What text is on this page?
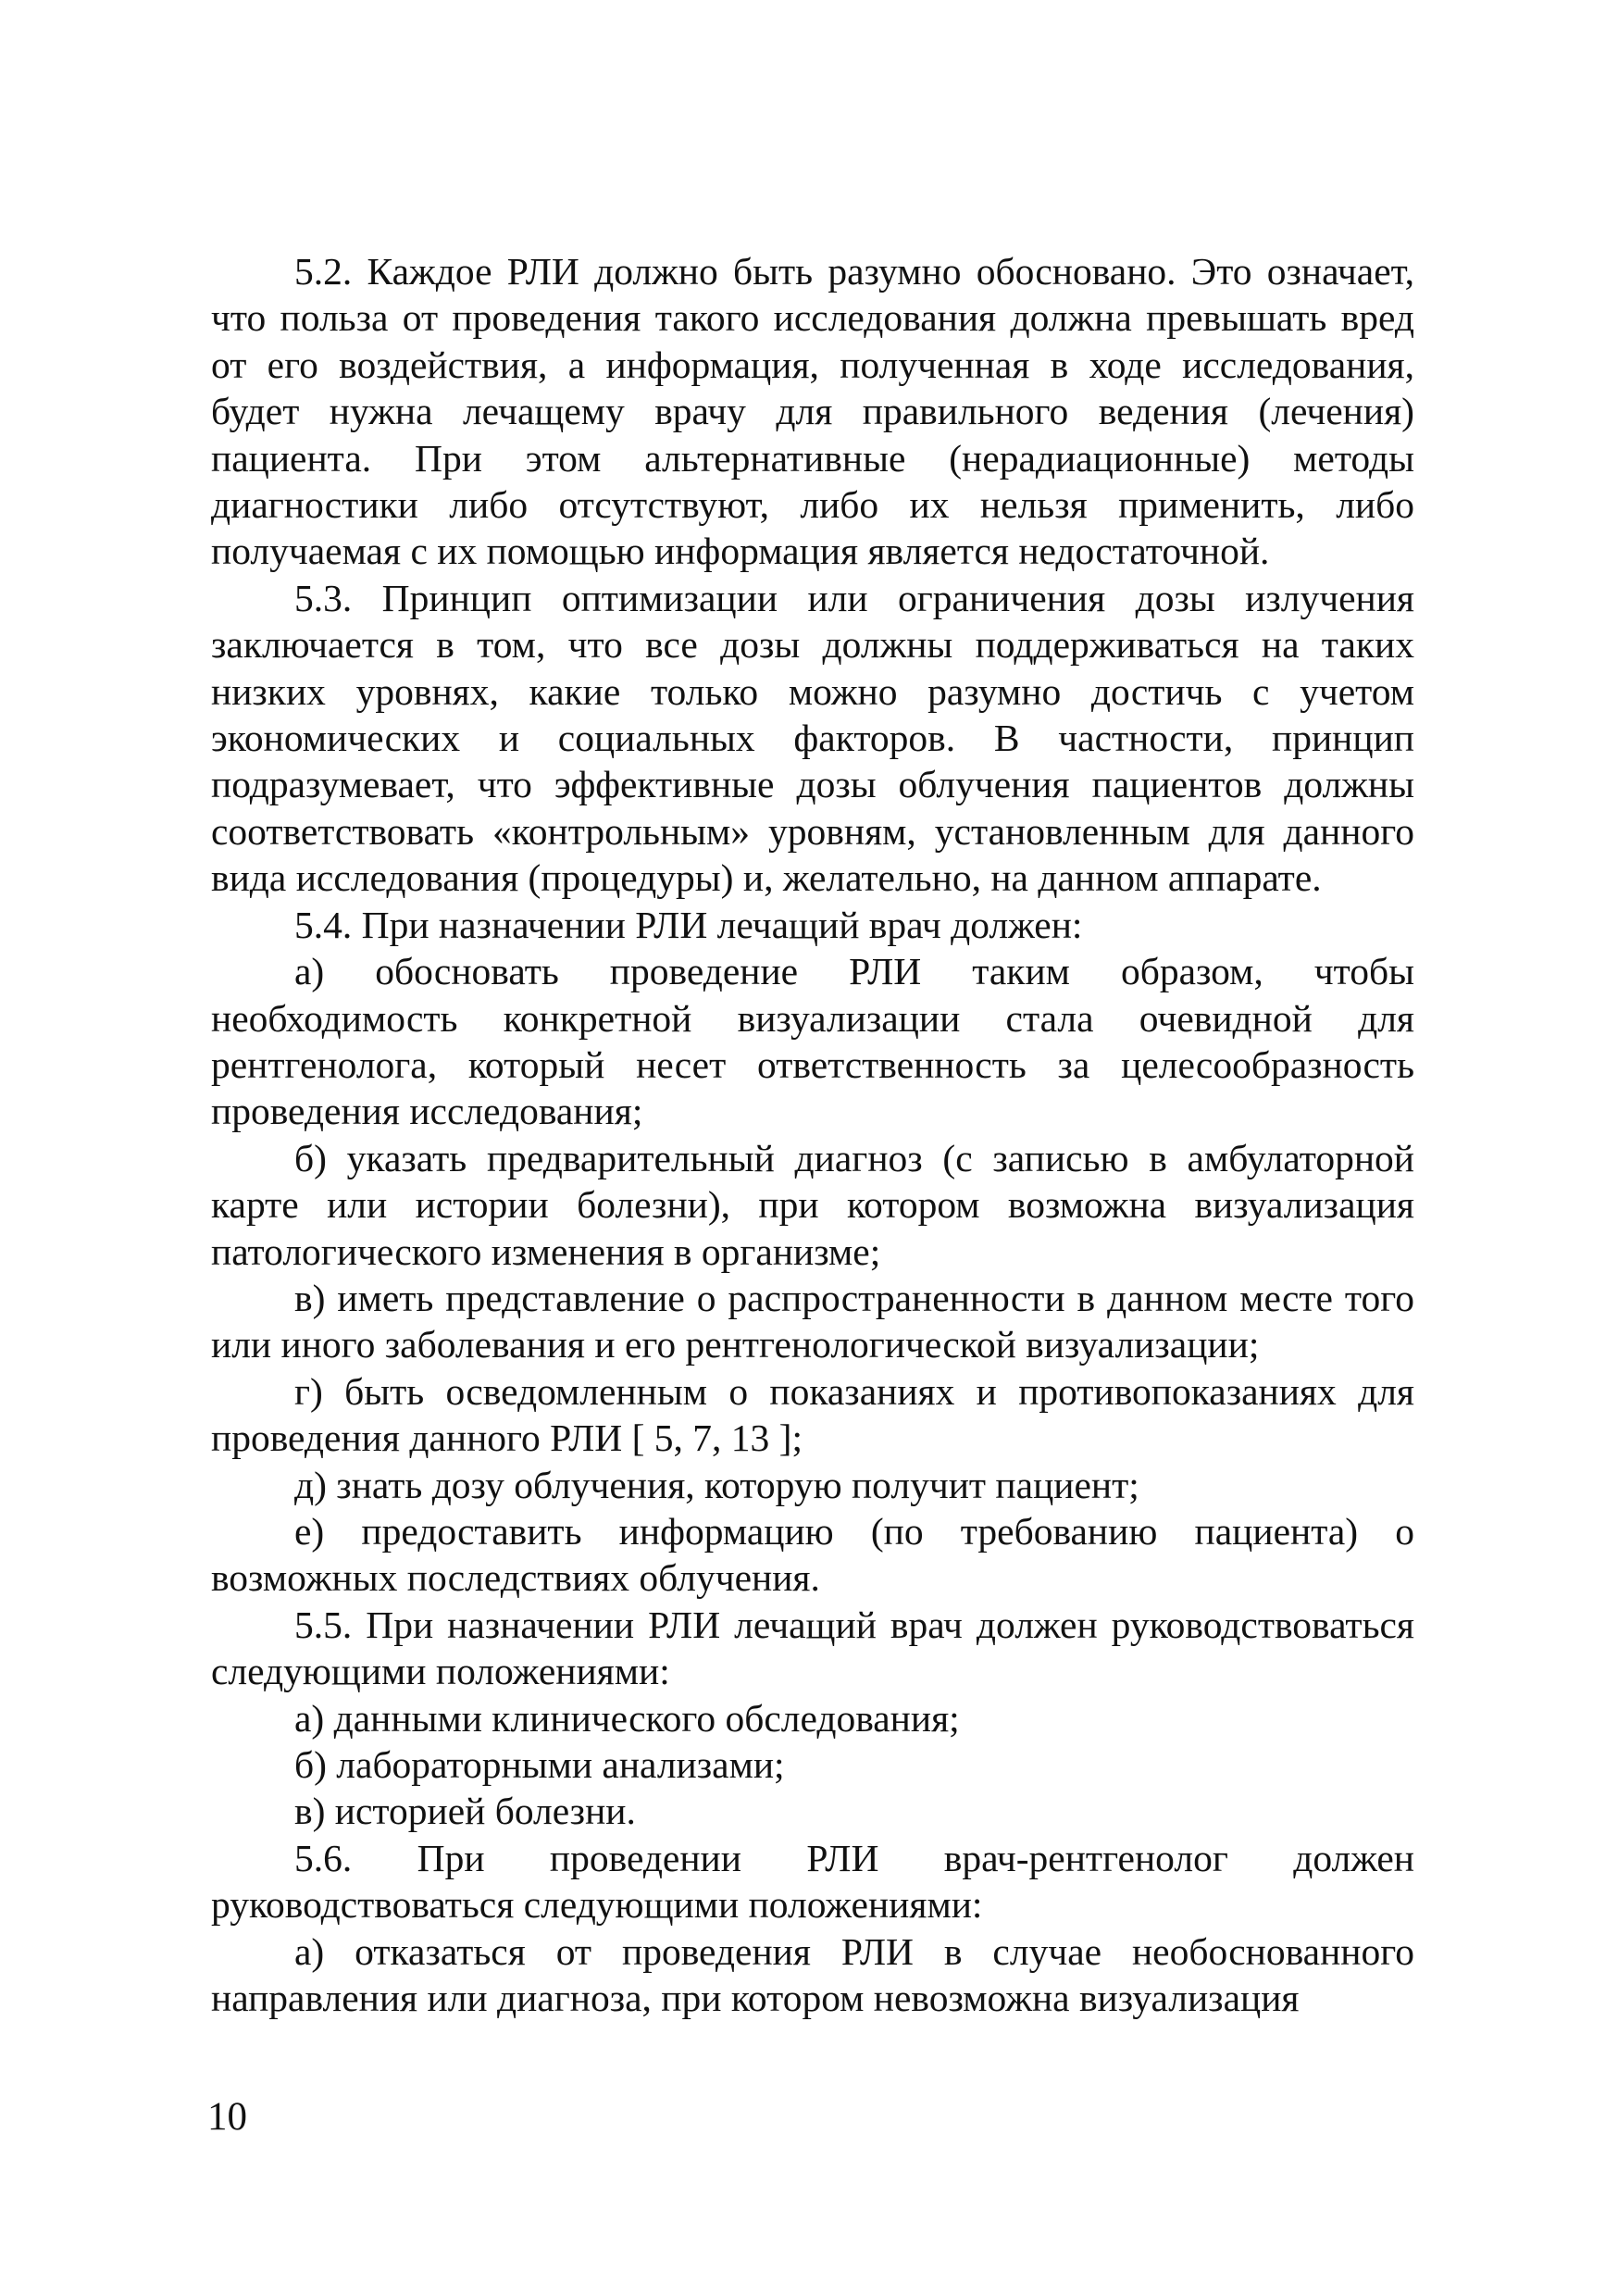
5.2. Каждое РЛИ должно быть разумно обосновано. Это означает, что польза от проведения такого исследования должна превышать вред от его воздействия, а информация, полученная в ходе исследования, будет нужна лечащему врачу для правильного ведения (лечения) пациента. При этом альтернативные (нерадиационные) методы диагностики либо отсутствуют, либо их нельзя применить, либо получаемая с их помощью информация является недостаточной.

5.3. Принцип оптимизации или ограничения дозы излучения заключается в том, что все дозы должны поддерживаться на таких низких уровнях, какие только можно разумно достичь с учетом экономических и социальных факторов. В частности, принцип подразумевает, что эффективные дозы облучения пациентов должны соответствовать «контрольным» уровням, установленным для данного вида исследования (процедуры) и, желательно, на данном аппарате.

5.4. При назначении РЛИ лечащий врач должен:

а) обосновать проведение РЛИ таким образом, чтобы необходимость конкретной визуализации стала очевидной для рентгенолога, который несет ответственность за целесообразность проведения исследования;

б) указать предварительный диагноз (с записью в амбулаторной карте или истории болезни), при котором возможна визуализация патологического изменения в организме;

в) иметь представление о распространенности в данном месте того или иного заболевания и его рентгенологической визуализации;

г) быть осведомленным о показаниях и противопоказаниях для проведения данного РЛИ [ 5, 7, 13 ];

д) знать дозу облучения, которую получит пациент;

е) предоставить информацию (по требованию пациента) о возможных последствиях облучения.

5.5. При назначении РЛИ лечащий врач должен руководствоваться следующими положениями:

а) данными клинического обследования;

б) лабораторными анализами;

в) историей болезни.

5.6. При проведении РЛИ врач-рентгенолог должен руководствоваться следующими положениями:

а) отказаться от проведения РЛИ в случае необоснованного направления или диагноза, при котором невозможна визуализация

10
